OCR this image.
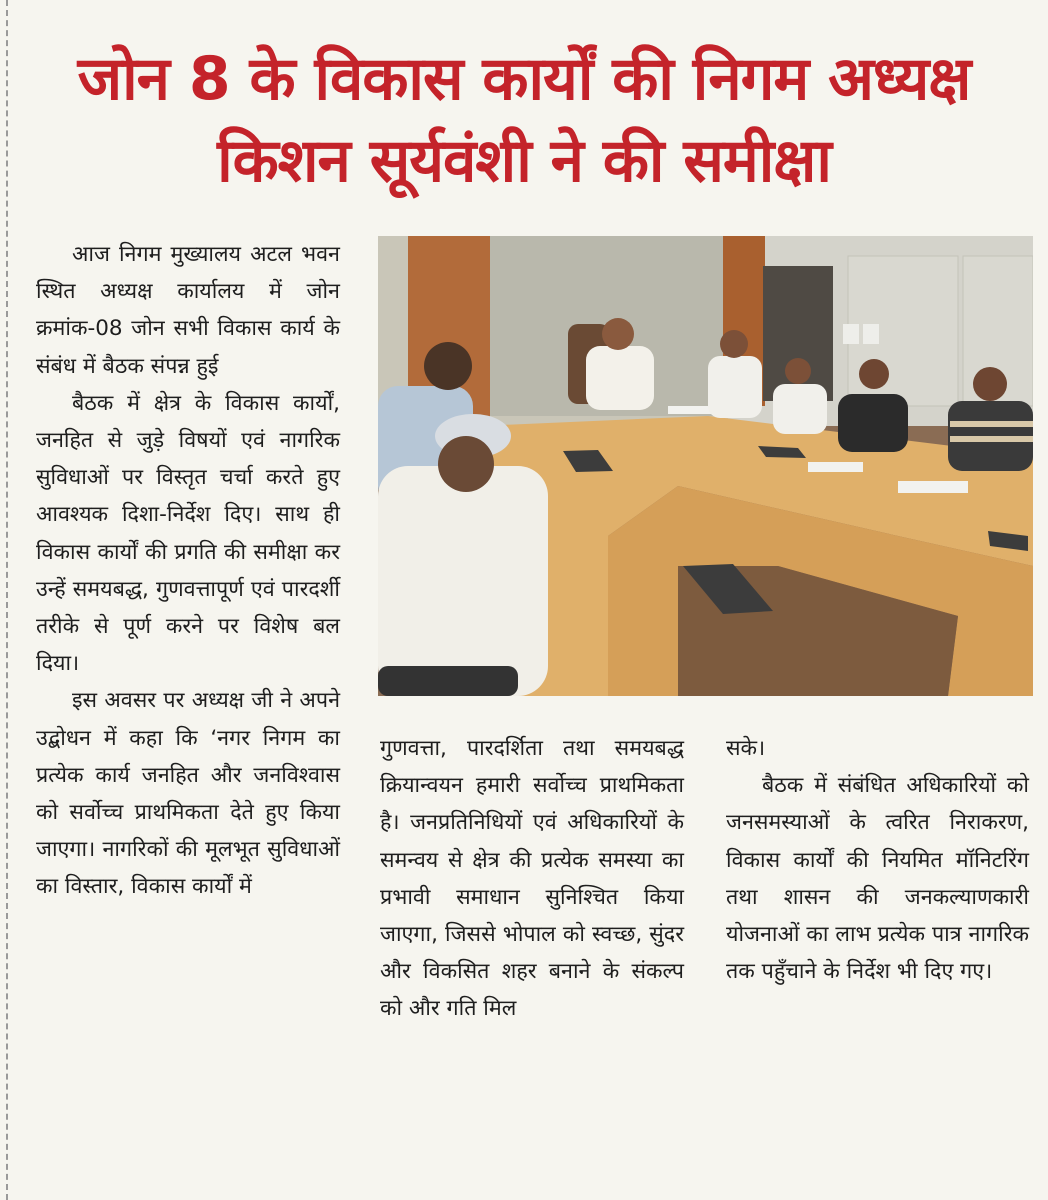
जोन 8 के विकास कार्यों की निगम अध्यक्ष
किशन सूर्यवंशी ने की समीक्षा

आज निगम मुख्यालय अटल भवन स्थित अध्यक्ष कार्यालय में जोन क्रमांक-08 जोन सभी विकास कार्य के संबंध में बैठक संपन्न हुई

बैठक में क्षेत्र के विकास कार्यों, जनहित से जुड़े विषयों एवं नागरिक सुविधाओं पर विस्तृत चर्चा करते हुए आवश्यक दिशा-निर्देश दिए। साथ ही विकास कार्यों की प्रगति की समीक्षा कर उन्हें समयबद्ध, गुणवत्तापूर्ण एवं पारदर्शी तरीके से पूर्ण करने पर विशेष बल दिया।

इस अवसर पर अध्यक्ष जी ने अपने उद्बोधन में कहा कि ‘नगर निगम का प्रत्येक कार्य जनहित और जनविश्वास को सर्वोच्च प्राथमिकता देते हुए किया जाएगा। नागरिकों की मूलभूत सुविधाओं का विस्तार, विकास कार्यों में

गुणवत्ता, पारदर्शिता तथा समयबद्ध क्रियान्वयन हमारी सर्वोच्च प्राथमिकता है। जनप्रतिनिधियों एवं अधिकारियों के समन्वय से क्षेत्र की प्रत्येक समस्या का प्रभावी समाधान सुनिश्चित किया जाएगा, जिससे भोपाल को स्वच्छ, सुंदर और विकसित शहर बनाने के संकल्प को और गति मिल

सके।

बैठक में संबंधित अधिकारियों को जनसमस्याओं के त्वरित निराकरण, विकास कार्यों की नियमित मॉनिटरिंग तथा शासन की जनकल्याणकारी योजनाओं का लाभ प्रत्येक पात्र नागरिक तक पहुँचाने के निर्देश भी दिए गए।
